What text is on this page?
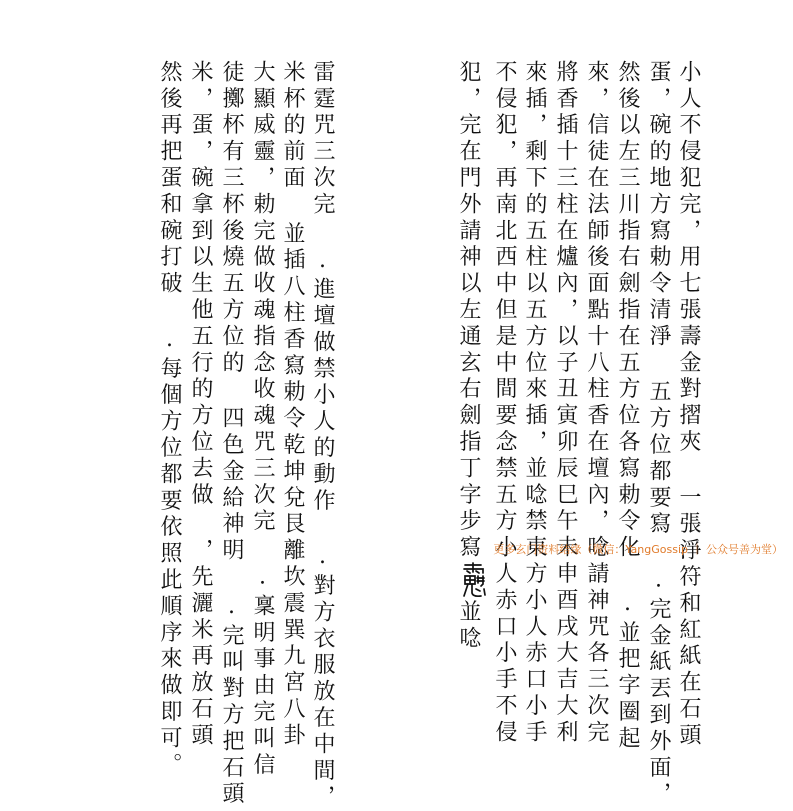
小人不侵犯完，用七張壽金對摺夾 一張淨符和紅紙在石頭
蛋，碗的地方寫勅令清淨 五方位都要寫 .完金紙丟到外面，
然後以左三川指右劍指在五方位各寫勅令化 .並把字圈起
來，信徒在法師後面點十八柱香在壇內，唸請神咒各三次完
將香插十三柱在爐內，以子丑寅卯辰巳午未申酉戌大吉大利
來插，剩下的五柱以五方位來插，並唸禁東方小人赤口小手
不侵犯，再南北西中但是中間要念禁五方小人赤口小手不侵
犯，完在門外請神以左通玄右劍指丁字步寫並唸
雷霆咒三次完 .進壇做禁小人的動作 .對方衣服放在中間，
米杯的前面 並插八柱香寫勅令乾坤兌艮離坎震巽九宮八卦
大顯威靈，勅完做收魂指念收魂咒三次完 .稟明事由完叫信
徒擲杯有三杯後燒五方位的 四色金給神明 .完叫對方把石頭
米，蛋，碗拿到以生他五行的方位去做 ，先灑米再放石頭
然後再把蛋和碗打破 .每個方位都要依照此順序來做即可。	更多玄门资料结缘（微信：YangGossip ｜ 公众号善为堂）
